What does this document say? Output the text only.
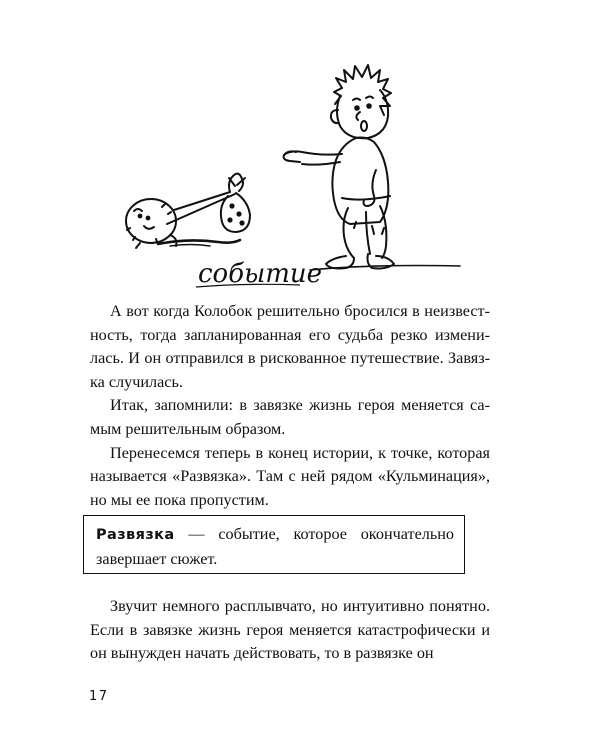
событие

А вот когда Колобок решительно бросился в неизвестность, тогда запланированная его судьба резко изменилась. И он отправился в рискованное путешествие. Завязка случилась.

Итак, запомнили: в завязке жизнь героя меняется самым решительным образом.

Перенесемся теперь в конец истории, к точке, которая называется «Развязка». Там с ней рядом «Кульминация», но мы ее пока пропустим.

Развязка — событие, которое окончательно завершает сюжет.

Звучит немного расплывчато, но интуитивно понятно. Если в завязке жизнь героя меняется катастрофически и он вынужден начать действовать, то в развязке он

17
